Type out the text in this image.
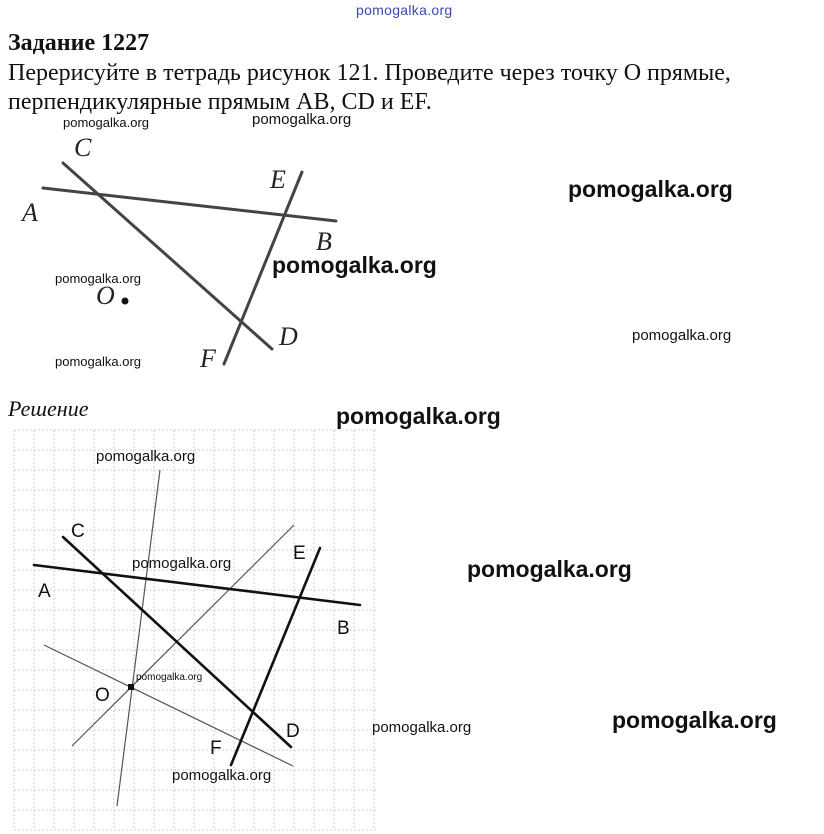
pomogalka.org
Задание 1227
Перерисуйте в тетрадь рисунок 121. Проведите через точку О прямые,
перпендикулярные прямым АВ, CD и EF.
C
A
E
B
O
D
F
Решение
C
A
E
B
O
D
F
pomogalka.org	pomogalka.org
pomogalka.org
pomogalka.org
pomogalka.org
pomogalka.org
pomogalka.org
pomogalka.org
pomogalka.org
pomogalka.org	pomogalka.org
pomogalka.org
pomogalka.org
pomogalka.org
pomogalka.org
